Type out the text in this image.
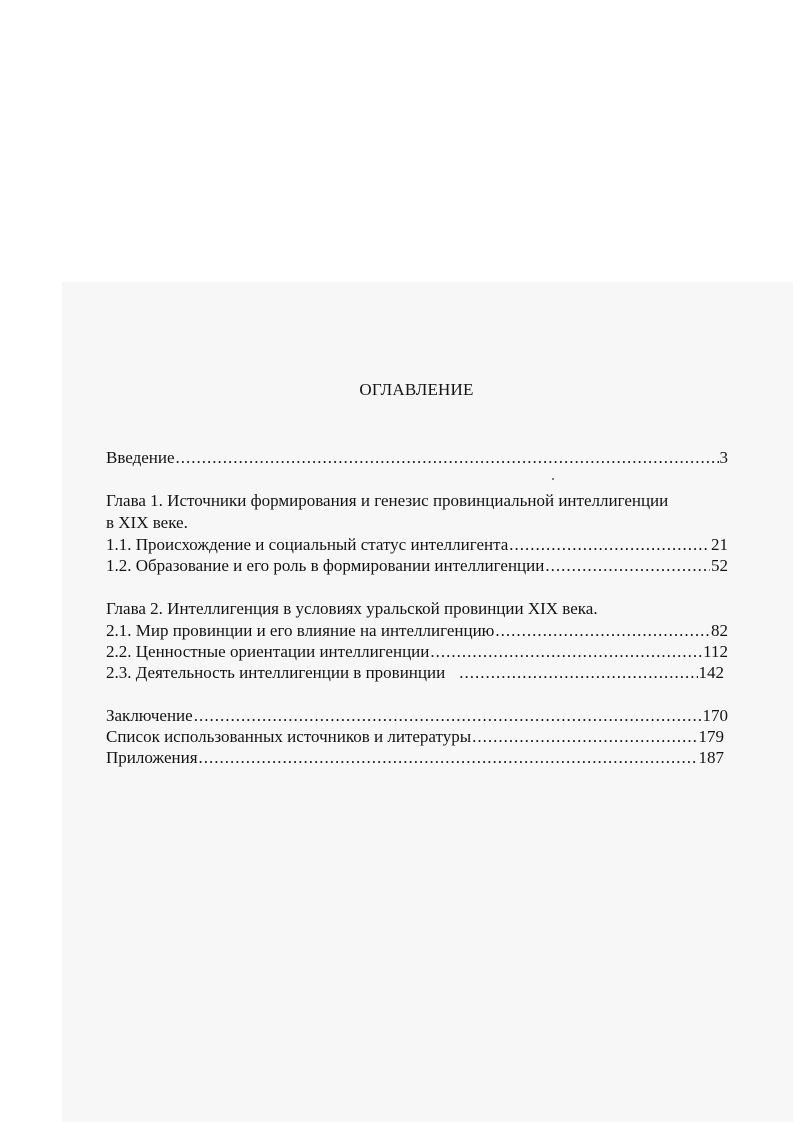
ОГЛАВЛЕНИЕ
Введение .....	3
Глава 1. Источники формирования и генезис провинциальной интеллигенции
в XIX веке.
1.1. Происхождение и социальный статус интеллигента .....	21
1.2. Образование и его роль в формировании интеллигенции .....	52
Глава 2. Интеллигенция в условиях уральской провинции XIX века.
2.1. Мир провинции и его влияние на интеллигенцию .....	82
2.2. Ценностные ориентации интеллигенции .....	112
2.3. Деятельность интеллигенции в провинции .....	142
Заключение .....	170
Список использованных источников и литературы .....	179
Приложения .....	187
